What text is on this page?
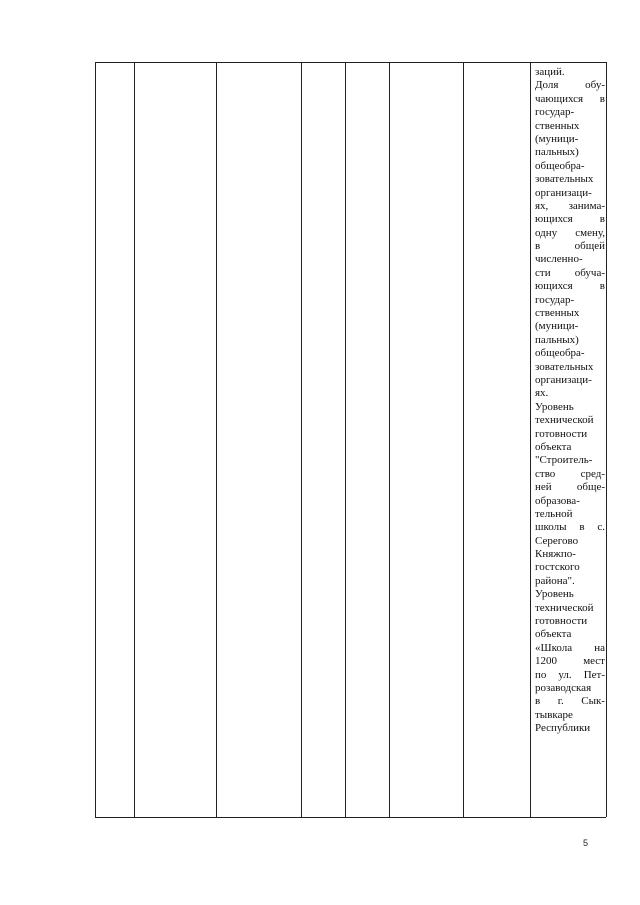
заций.
Доля обу-
чающихся в
государ-
ственных
(муници-
пальных)
общеобра-
зовательных
организаци-
ях, занима-
ющихся в
одну смену,
в	общей
численно-
сти обуча-
ющихся в
государ-
ственных
(муници-
пальных)
общеобра-
зовательных
организаци-
ях.
Уровень
технической
готовности
объекта
"Строитель-
ство сред-
ней обще-
образова-
тельной
школы в с.
Серегово
Княжпо-
гостского
района".
Уровень
технической
готовности
объекта
«Школа на
1200 мест
по ул. Пет-
розаводская
в г. Сык-
тывкаре
Республики
5
